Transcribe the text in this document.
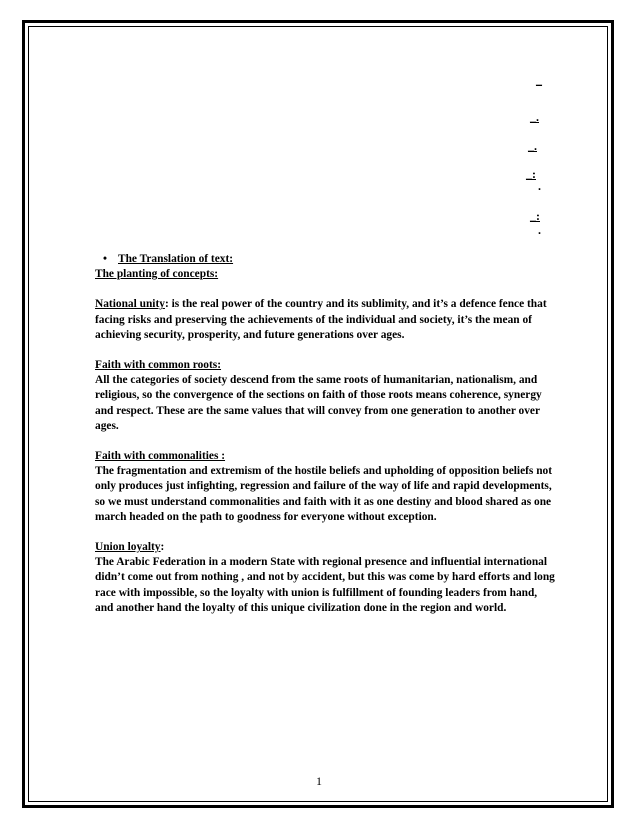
_
_.
_.
_:
.
_:
.
• The Translation of text:

The planting of concepts:

National unity: is the real power of the country and its sublimity, and it’s a defence fence that facing risks and preserving the achievements of the individual and society, it’s the mean of achieving security, prosperity, and future generations over ages.

Faith with common roots:

All the categories of society descend from the same roots of humanitarian, nationalism, and religious, so the convergence of the sections on faith of those roots means coherence, synergy and respect. These are the same values that will convey from one generation to another over ages.

Faith with commonalities :

The fragmentation and extremism of the hostile beliefs and upholding of opposition beliefs not only produces just infighting, regression and failure of the way of life and rapid developments, so we must understand commonalities and faith with it as one destiny and blood shared as one march headed on the path to goodness for everyone without exception.

Union loyalty:

The Arabic Federation in a modern State with regional presence and influential international didn’t come out from nothing , and not by accident, but this was come by hard efforts and long race with impossible, so the loyalty with union is fulfillment of founding leaders from hand, and another hand the loyalty of this unique civilization done in the region and world.

1
